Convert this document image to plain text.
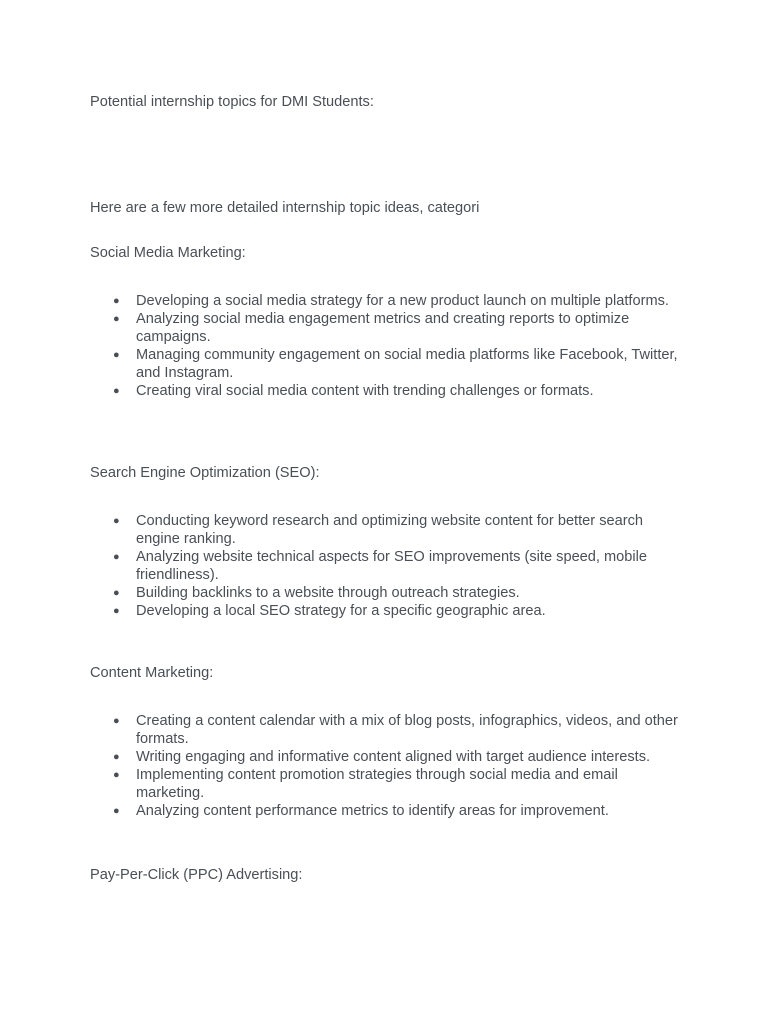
Potential internship topics for DMI Students:

Here are a few more detailed internship topic ideas, categori

Social Media Marketing:

● Developing a social media strategy for a new product launch on multiple platforms.
● Analyzing social media engagement metrics and creating reports to optimize campaigns.
● Managing community engagement on social media platforms like Facebook, Twitter, and Instagram.
● Creating viral social media content with trending challenges or formats.

Search Engine Optimization (SEO):

● Conducting keyword research and optimizing website content for better search engine ranking.
● Analyzing website technical aspects for SEO improvements (site speed, mobile friendliness).
● Building backlinks to a website through outreach strategies.
● Developing a local SEO strategy for a specific geographic area.

Content Marketing:

● Creating a content calendar with a mix of blog posts, infographics, videos, and other formats.
● Writing engaging and informative content aligned with target audience interests.
● Implementing content promotion strategies through social media and email marketing.
● Analyzing content performance metrics to identify areas for improvement.

Pay-Per-Click (PPC) Advertising:
